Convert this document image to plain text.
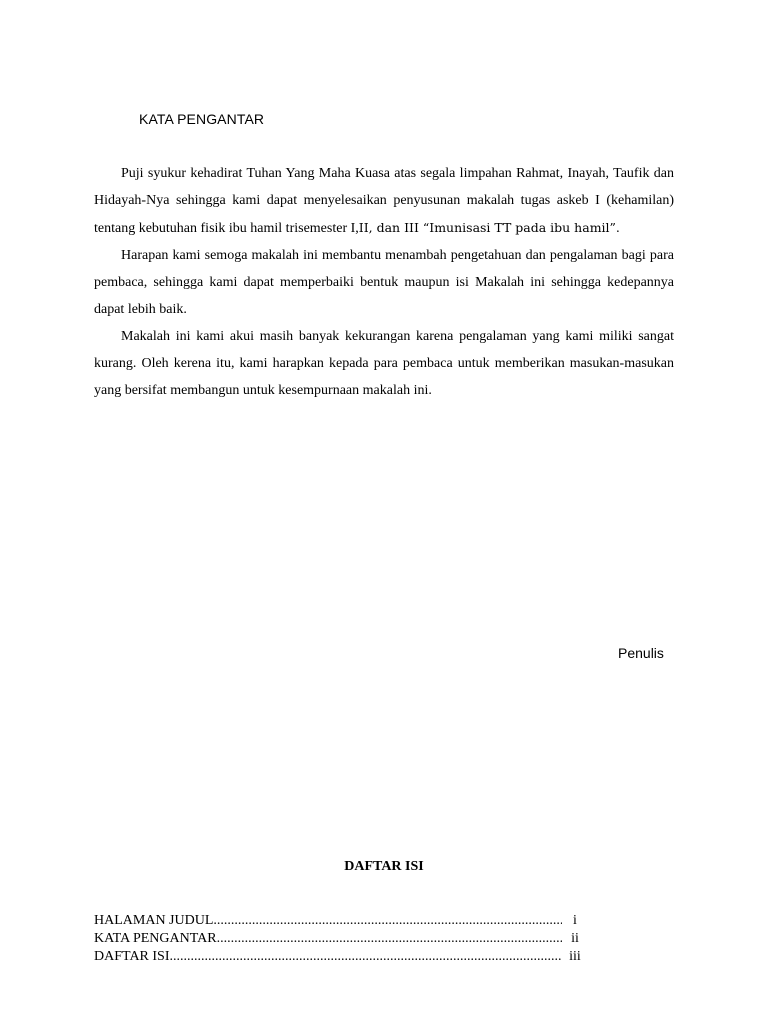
KATA PENGANTAR

Puji syukur kehadirat Tuhan Yang Maha Kuasa atas segala limpahan Rahmat, Inayah, Taufik dan Hidayah-Nya sehingga kami dapat menyelesaikan penyusunan makalah tugas askeb I (kehamilan) tentang kebutuhan fisik ibu hamil trisemester I,II, dan III “Imunisasi TT pada ibu hamil”.

Harapan kami semoga makalah ini membantu menambah pengetahuan dan pengalaman bagi para pembaca, sehingga kami dapat memperbaiki bentuk maupun isi Makalah ini sehingga kedepannya dapat lebih baik.

Makalah ini kami akui masih banyak kekurangan karena pengalaman yang kami miliki sangat kurang. Oleh kerena itu, kami harapkan kepada para pembaca untuk memberikan masukan-masukan yang bersifat membangun untuk kesempurnaan makalah ini.

Penulis
DAFTAR ISI
HALAMAN JUDUL .....	i
KATA PENGANTAR .....	ii
DAFTAR ISI .....	iii
